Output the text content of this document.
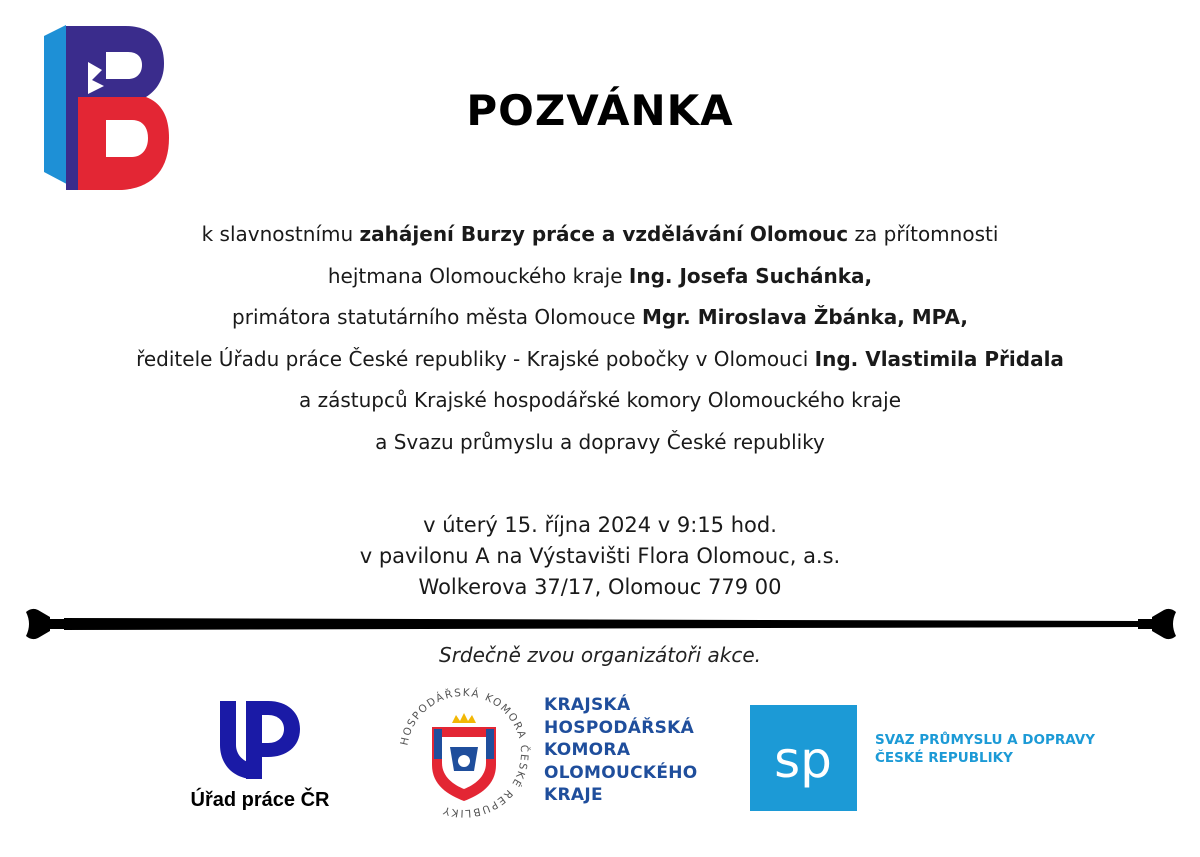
POZVÁNKA
k slavnostnímu zahájení Burzy práce a vzdělávání Olomouc za přítomnosti
hejtmana Olomouckého kraje Ing. Josefa Suchánka,
primátora statutárního města Olomouce Mgr. Miroslava Žbánka, MPA,
ředitele Úřadu práce České republiky - Krajské pobočky v Olomouci Ing. Vlastimila Přidala
a zástupců Krajské hospodářské komory Olomouckého kraje
a Svazu průmyslu a dopravy České republiky
v úterý 15. října 2024 v 9:15 hod.
v pavilonu A na Výstavišti Flora Olomouc, a.s.
Wolkerova 37/17, Olomouc 779 00
Srdečně zvou organizátoři akce.
Úřad práce ČR
HOSPODÁŘSKÁ KOMORA ČESKÉ REPUBLIKY
KRAJSKÁ
HOSPODÁŘSKÁ
KOMORA
OLOMOUCKÉHO
KRAJE
sp	SVAZ PRŮMYSLU A DOPRAVY
ČESKÉ REPUBLIKY
